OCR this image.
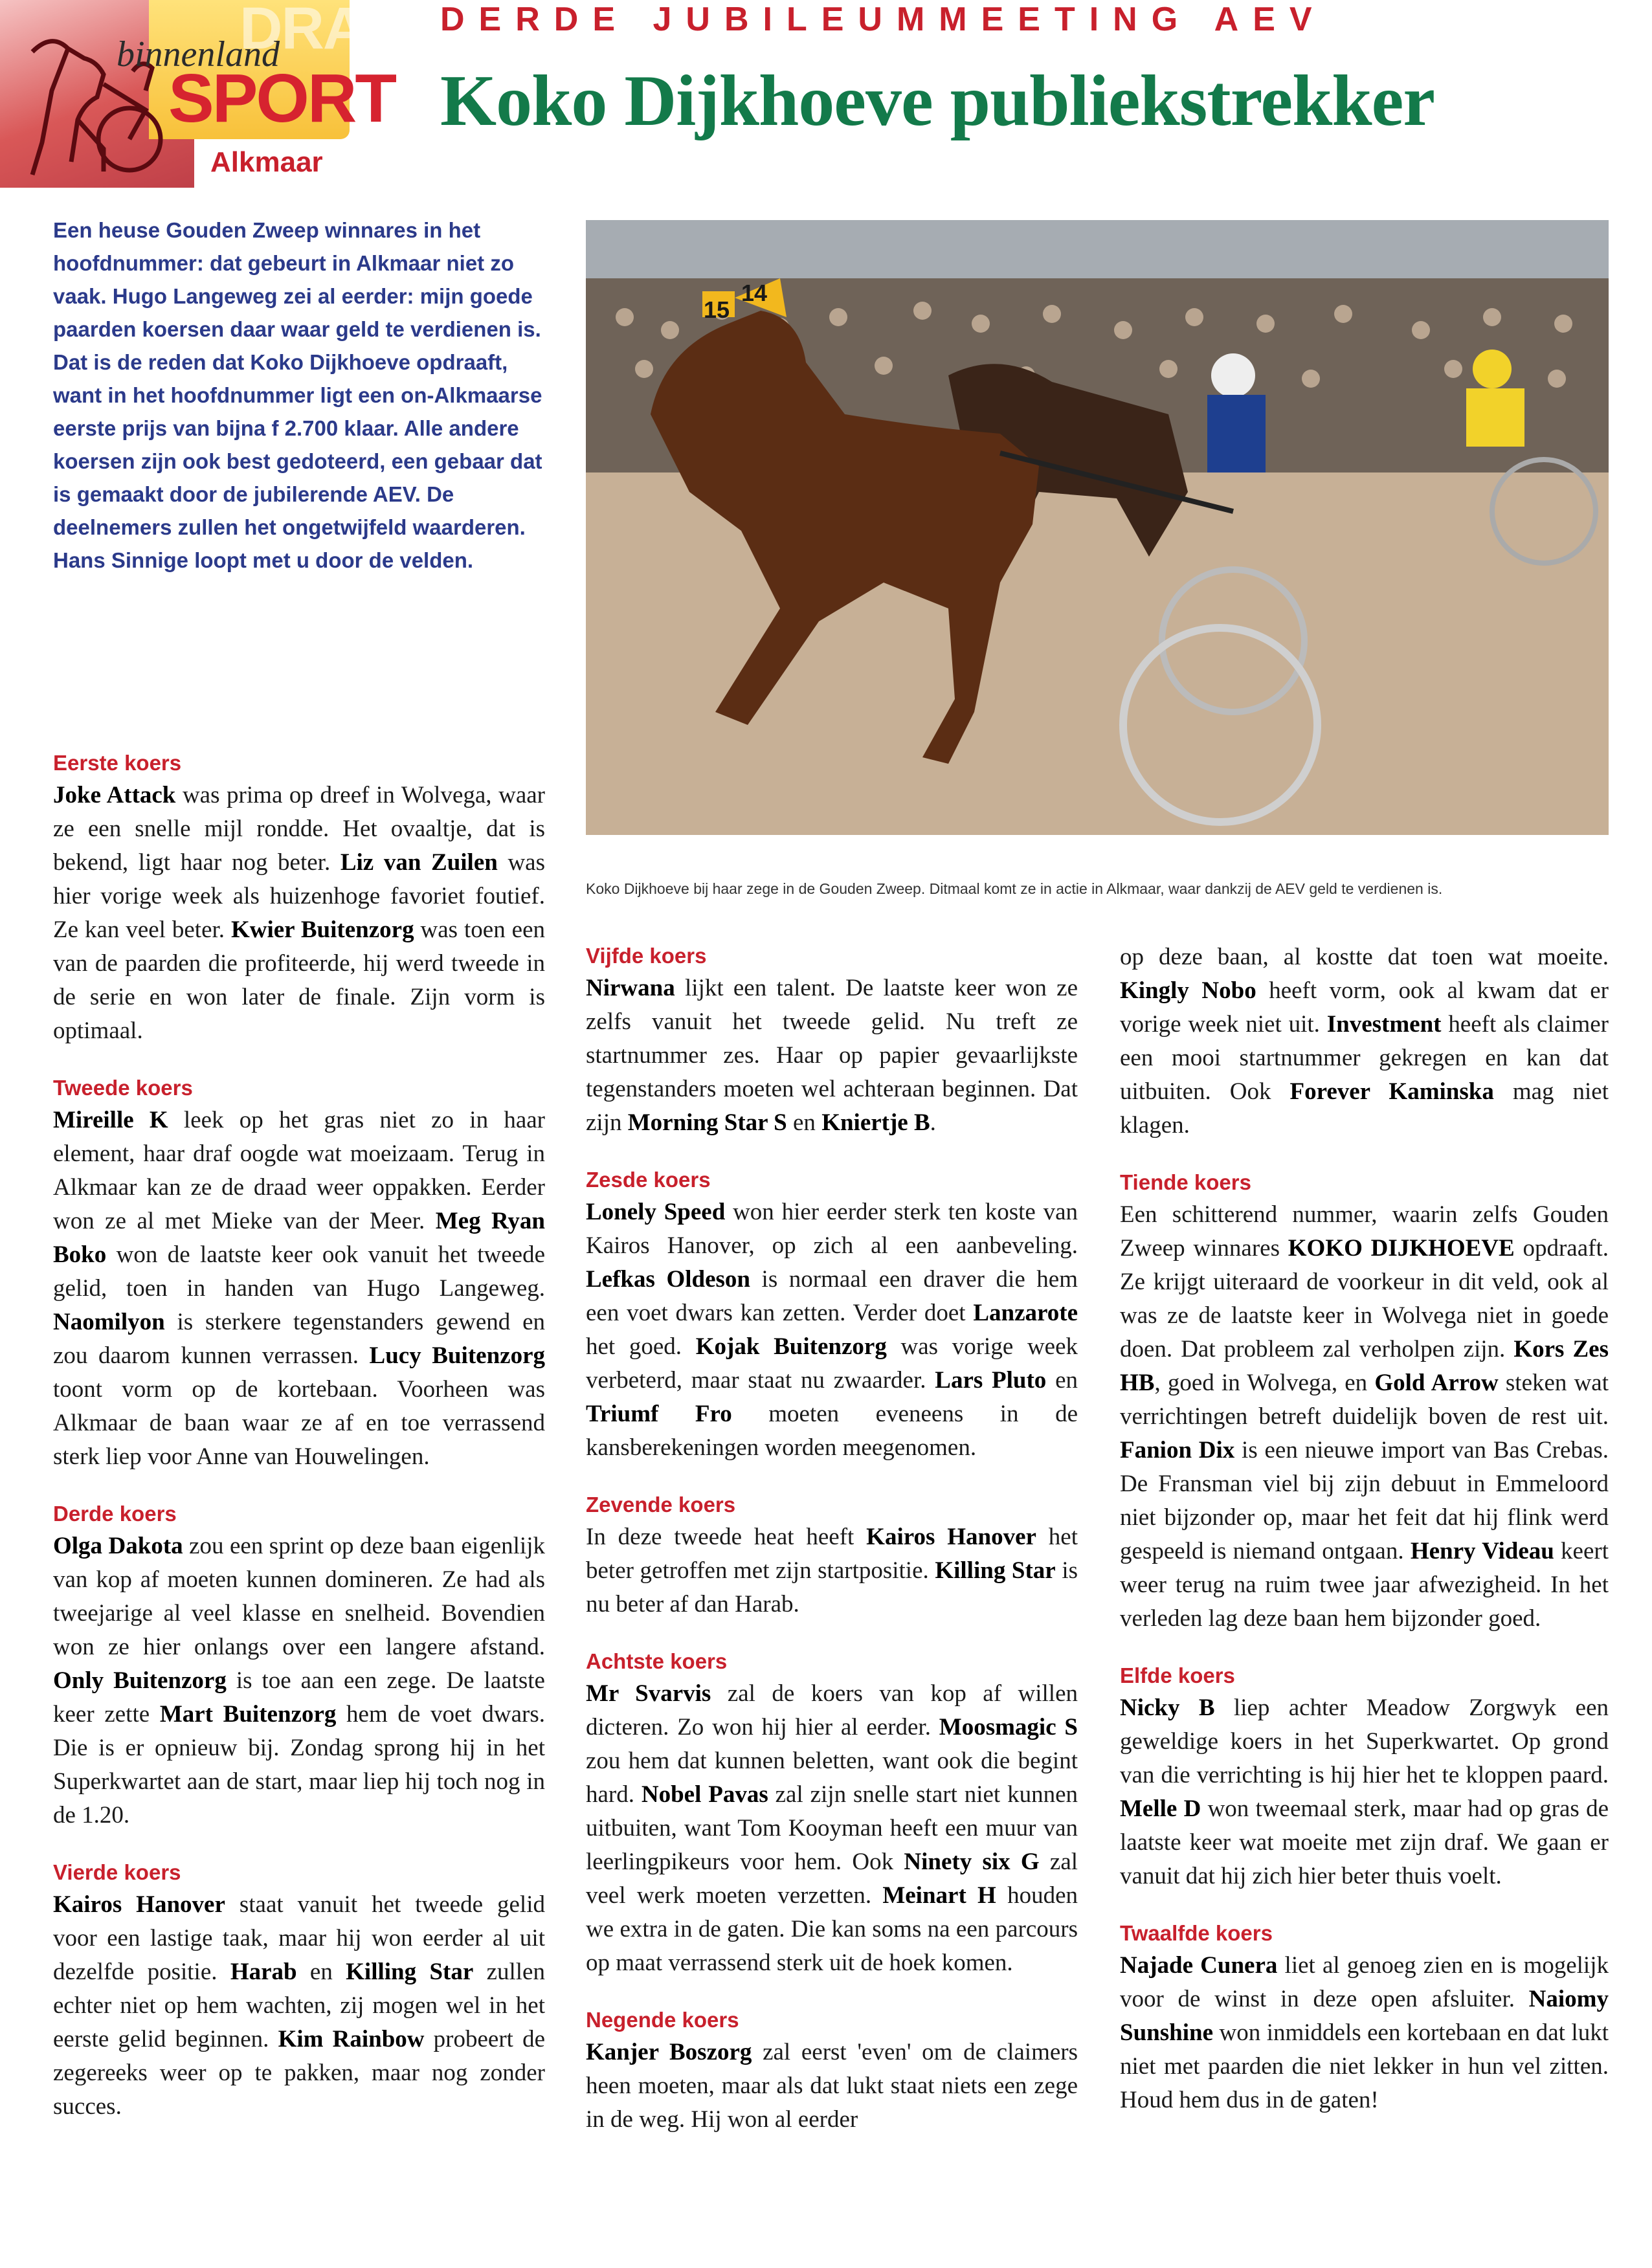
DRAF
binnenland
SPORT
Alkmaar
DERDE JUBILEUMMEETING AEV
Koko Dijkhoeve publiekstrekker
Een heuse Gouden Zweep winnares in het hoofdnummer: dat gebeurt in Alkmaar niet zo vaak. Hugo Langeweg zei al eerder: mijn goede paarden koersen daar waar geld te verdienen is. Dat is de reden dat Koko Dijkhoeve opdraaft, want in het hoofdnummer ligt een on-Alkmaarse eerste prijs van bijna f 2.700 klaar. Alle andere koersen zijn ook best gedoteerd, een gebaar dat is gemaakt door de jubilerende AEV. De deelnemers zullen het ongetwijfeld waarderen. Hans Sinnige loopt met u door de velden.
15
14
Koko Dijkhoeve bij haar zege in de Gouden Zweep. Ditmaal komt ze in actie in Alkmaar, waar dankzij de AEV geld te verdienen is.
Eerste koers

Joke Attack was prima op dreef in Wolvega, waar ze een snelle mijl rondde. Het ovaaltje, dat is bekend, ligt haar nog beter. Liz van Zuilen was hier vorige week als huizenhoge favoriet foutief. Ze kan veel beter. Kwier Buitenzorg was toen een van de paarden die profiteerde, hij werd tweede in de serie en won later de finale. Zijn vorm is optimaal.

Tweede koers

Mireille K leek op het gras niet zo in haar element, haar draf oogde wat moeizaam. Terug in Alkmaar kan ze de draad weer oppakken. Eerder won ze al met Mieke van der Meer. Meg Ryan Boko won de laatste keer ook vanuit het tweede gelid, toen in handen van Hugo Langeweg. Naomilyon is sterkere tegenstanders gewend en zou daarom kunnen verrassen. Lucy Buitenzorg toont vorm op de kortebaan. Voorheen was Alkmaar de baan waar ze af en toe verrassend sterk liep voor Anne van Houwelingen.

Derde koers

Olga Dakota zou een sprint op deze baan eigenlijk van kop af moeten kunnen domineren. Ze had als tweejarige al veel klasse en snelheid. Bovendien won ze hier onlangs over een langere afstand. Only Buitenzorg is toe aan een zege. De laatste keer zette Mart Buitenzorg hem de voet dwars. Die is er opnieuw bij. Zondag sprong hij in het Superkwartet aan de start, maar liep hij toch nog in de 1.20.

Vierde koers

Kairos Hanover staat vanuit het tweede gelid voor een lastige taak, maar hij won eerder al uit dezelfde positie. Harab en Killing Star zullen echter niet op hem wachten, zij mogen wel in het eerste gelid beginnen. Kim Rainbow probeert de zegereeks weer op te pakken, maar nog zonder succes.

Vijfde koers

Nirwana lijkt een talent. De laatste keer won ze zelfs vanuit het tweede gelid. Nu treft ze startnummer zes. Haar op papier gevaarlijkste tegenstanders moeten wel achteraan beginnen. Dat zijn Morning Star S en Kniertje B.

Zesde koers

Lonely Speed won hier eerder sterk ten koste van Kairos Hanover, op zich al een aanbeveling. Lefkas Oldeson is normaal een draver die hem een voet dwars kan zetten. Verder doet Lanzarote het goed. Kojak Buitenzorg was vorige week verbeterd, maar staat nu zwaarder. Lars Pluto en Triumf Fro moeten eveneens in de kansberekeningen worden meegenomen.

Zevende koers

In deze tweede heat heeft Kairos Hanover het beter getroffen met zijn startpositie. Killing Star is nu beter af dan Harab.

Achtste koers

Mr Svarvis zal de koers van kop af willen dicteren. Zo won hij hier al eerder. Moosmagic S zou hem dat kunnen beletten, want ook die begint hard. Nobel Pavas zal zijn snelle start niet kunnen uitbuiten, want Tom Kooyman heeft een muur van leerlingpikeurs voor hem. Ook Ninety six G zal veel werk moeten verzetten. Meinart H houden we extra in de gaten. Die kan soms na een parcours op maat verrassend sterk uit de hoek komen.

Negende koers

Kanjer Boszorg zal eerst 'even' om de claimers heen moeten, maar als dat lukt staat niets een zege in de weg. Hij won al eerder

op deze baan, al kostte dat toen wat moeite. Kingly Nobo heeft vorm, ook al kwam dat er vorige week niet uit. Investment heeft als claimer een mooi startnummer gekregen en kan dat uitbuiten. Ook Forever Kaminska mag niet klagen.

Tiende koers

Een schitterend nummer, waarin zelfs Gouden Zweep winnares KOKO DIJKHOEVE opdraaft. Ze krijgt uiteraard de voorkeur in dit veld, ook al was ze de laatste keer in Wolvega niet in goede doen. Dat probleem zal verholpen zijn. Kors Zes HB, goed in Wolvega, en Gold Arrow steken wat verrichtingen betreft duidelijk boven de rest uit. Fanion Dix is een nieuwe import van Bas Crebas. De Fransman viel bij zijn debuut in Emmeloord niet bijzonder op, maar het feit dat hij flink werd gespeeld is niemand ontgaan. Henry Videau keert weer terug na ruim twee jaar afwezigheid. In het verleden lag deze baan hem bijzonder goed.

Elfde koers

Nicky B liep achter Meadow Zorgwyk een geweldige koers in het Superkwartet. Op grond van die verrichting is hij hier het te kloppen paard. Melle D won tweemaal sterk, maar had op gras de laatste keer wat moeite met zijn draf. We gaan er vanuit dat hij zich hier beter thuis voelt.

Twaalfde koers

Najade Cunera liet al genoeg zien en is mogelijk voor de winst in deze open afsluiter. Naiomy Sunshine won inmiddels een kortebaan en dat lukt niet met paarden die niet lekker in hun vel zitten. Houd hem dus in de gaten!
